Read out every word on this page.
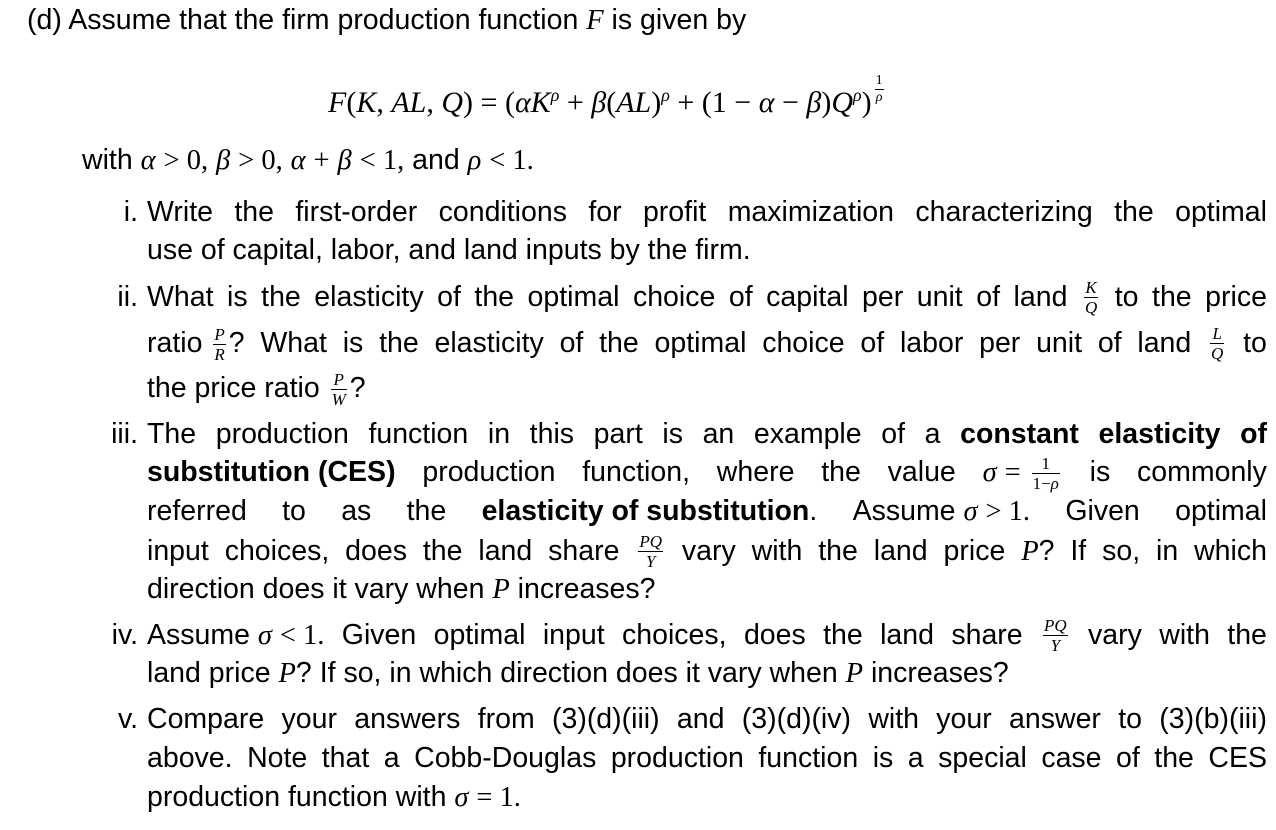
(d) Assume that the firm production function F is given by
F(K, AL, $Q) = (\alpha K^\rho + \beta(AL)^\rho + (1 - \alpha - \beta)Q^\rho) \frac{1}{\rho}$
with α > 0, β > 0, α + β < 1, and ρ < 1.
i. Write the first-order conditions for profit maximization characterizing the optimal
use of capital, labor, and land inputs by the firm.
ii. What is the elasticity of the optimal choice of capital per unit of land $\frac{K}{Q}$ to the price
ratio $\frac{P}{R}$ ? What is the elasticity of the optimal choice of labor per unit of land $\frac{L}{Q}$ to
the price ratio $\frac{P}{W}$ ?
iii. The production function in this part is an example of a constant elasticity of
substitution (CES) production function, where the value $\sigma = \frac{1}{1-\rho}$ is commonly
referred to as the elasticity of substitution. Assume σ > 1. Given optimal
input choices, does the land share $\frac{PQ}{Y}$ vary with the land price P? If so, in which
direction does it vary when P increases?
iv. Assume σ < 1. Given optimal input choices, does the land share $\frac{PQ}{Y}$ vary with the
land price P? If so, in which direction does it vary when P increases?
v. Compare your answers from (3)(d)(iii) and (3)(d)(iv) with your answer to (3)(b)(iii)
above. Note that a Cobb-Douglas production function is a special case of the CES
production function with σ = 1.
